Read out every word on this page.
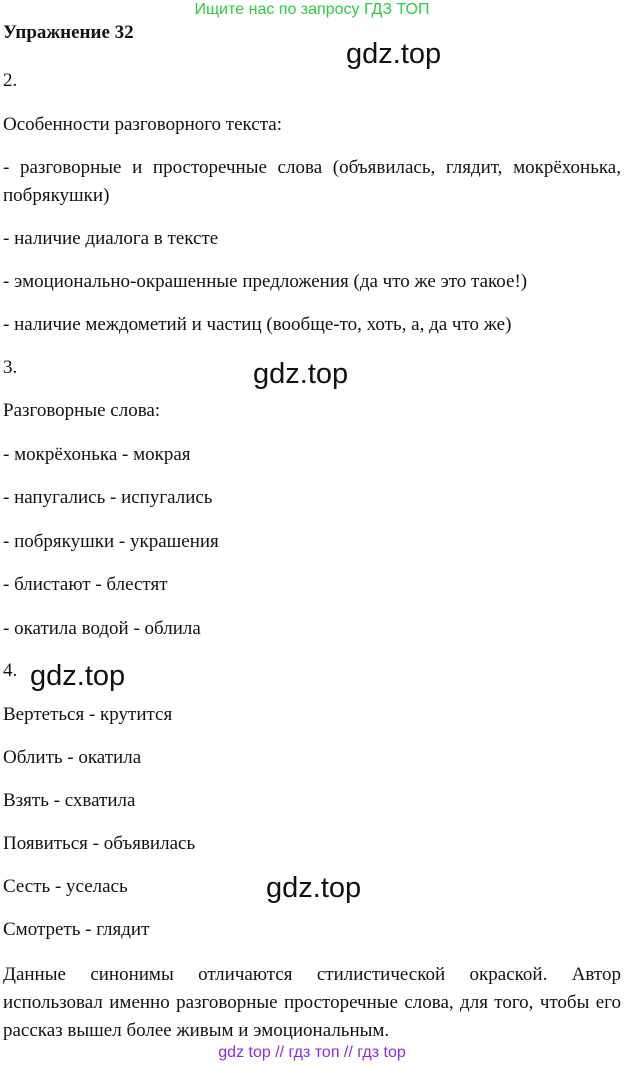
Ищите нас по запросу ГДЗ ТОП
Упражнение 32
gdz.top
gdz.top
gdz.top
gdz.top
2.
Особенности разговорного текста:
- разговорные и просторечные слова (объявилась, глядит, мокрёхонька, побрякушки)
- наличие диалога в тексте
- эмоционально-окрашенные предложения (да что же это такое!)
- наличие междометий и частиц (вообще-то, хоть, а, да что же)
3.
Разговорные слова:
- мокрёхонька - мокрая
- напугались - испугались
- побрякушки - украшения
- блистают - блестят
- окатила водой - облила
4.
Вертеться - крутится
Облить - окатила
Взять - схватила
Появиться - объявилась
Сесть - уселась
Смотреть - глядит
Данные синонимы отличаются стилистической окраской. Автор использовал именно разговорные просторечные слова, для того, чтобы его рассказ вышел более живым и эмоциональным.
gdz top // гдз топ // гдз top
